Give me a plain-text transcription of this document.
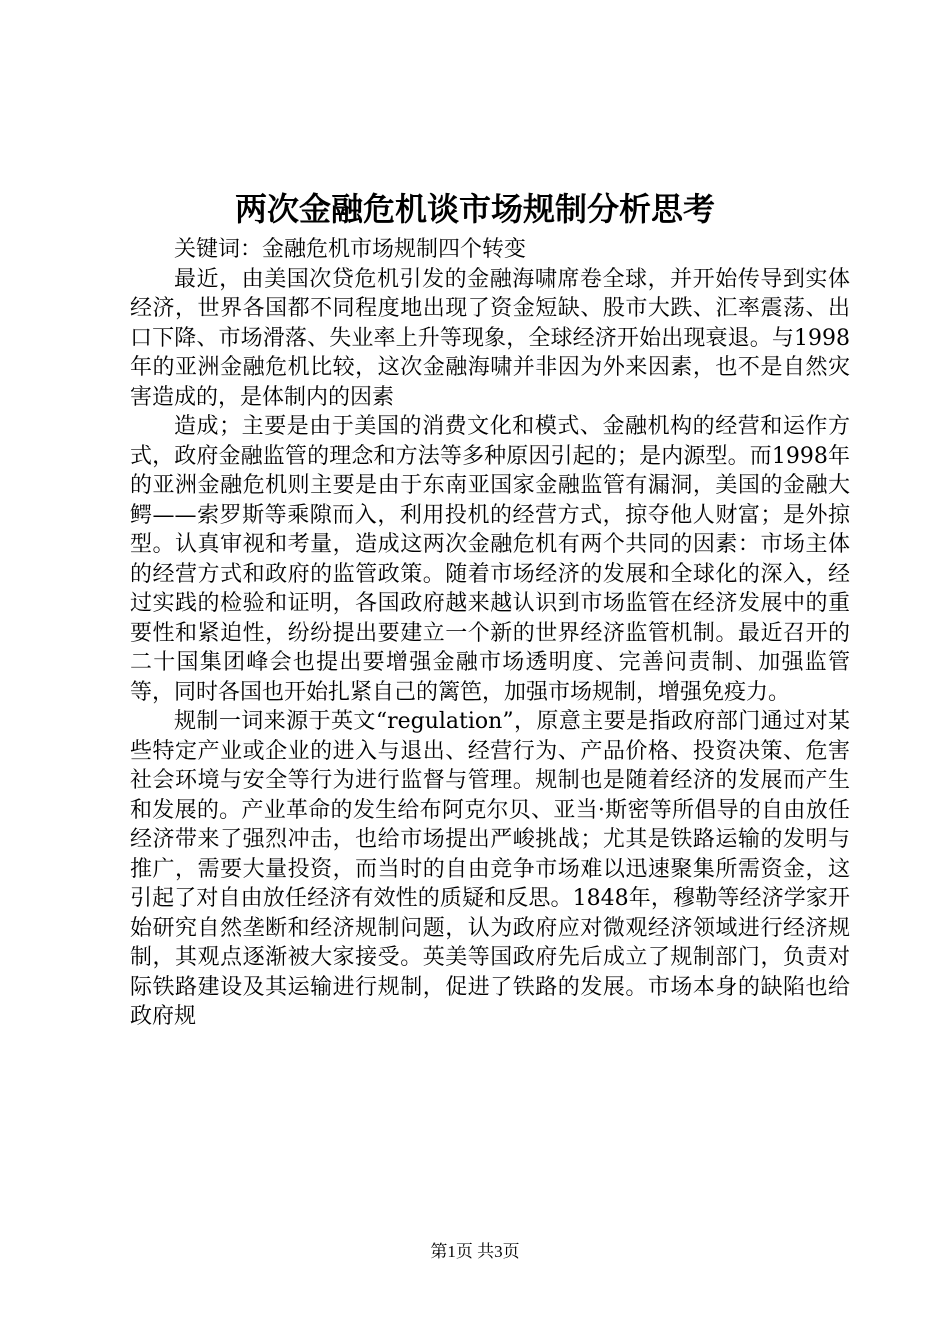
两次金融危机谈市场规制分析思考

关键词：金融危机市场规制四个转变

最近，由美国次贷危机引发的金融海啸席卷全球，并开始传导到实体经济，世界各国都不同程度地出现了资金短缺、股市大跌、汇率震荡、出口下降、市场滑落、失业率上升等现象，全球经济开始出现衰退。与1998年的亚洲金融危机比较，这次金融海啸并非因为外来因素，也不是自然灾害造成的，是体制内的因素

造成；主要是由于美国的消费文化和模式、金融机构的经营和运作方式，政府金融监管的理念和方法等多种原因引起的；是内源型。而1998年的亚洲金融危机则主要是由于东南亚国家金融监管有漏洞，美国的金融大鳄——索罗斯等乘隙而入，利用投机的经营方式，掠夺他人财富；是外掠型。认真审视和考量，造成这两次金融危机有两个共同的因素：市场主体的经营方式和政府的监管政策。随着市场经济的发展和全球化的深入，经过实践的检验和证明，各国政府越来越认识到市场监管在经济发展中的重要性和紧迫性，纷纷提出要建立一个新的世界经济监管机制。最近召开的二十国集团峰会也提出要增强金融市场透明度、完善问责制、加强监管等，同时各国也开始扎紧自己的篱笆，加强市场规制，增强免疫力。

规制一词来源于英文“regulation”，原意主要是指政府部门通过对某些特定产业或企业的进入与退出、经营行为、产品价格、投资决策、危害社会环境与安全等行为进行监督与管理。规制也是随着经济的发展而产生和发展的。产业革命的发生给布阿克尔贝、亚当·斯密等所倡导的自由放任经济带来了强烈冲击，也给市场提出严峻挑战；尤其是铁路运输的发明与推广，需要大量投资，而当时的自由竞争市场难以迅速聚集所需资金，这引起了对自由放任经济有效性的质疑和反思。1848年，穆勒等经济学家开始研究自然垄断和经济规制问题，认为政府应对微观经济领域进行经济规制，其观点逐渐被大家接受。英美等国政府先后成立了规制部门，负责对际铁路建设及其运输进行规制，促进了铁路的发展。市场本身的缺陷也给政府规

第1页 共3页
